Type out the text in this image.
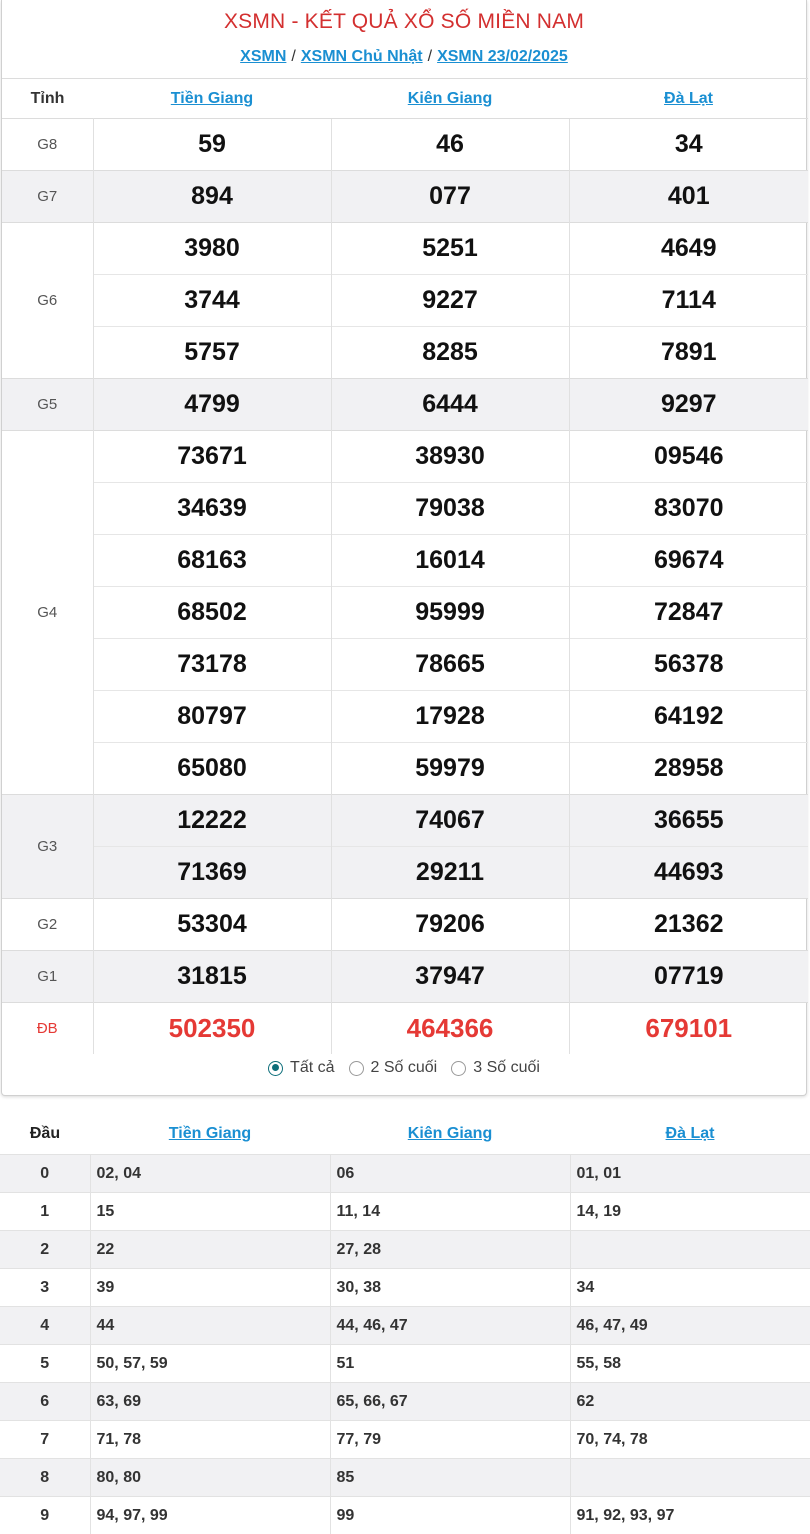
XSMN - KẾT QUẢ XỔ SỐ MIỀN NAM
XSMN / XSMN Chủ Nhật / XSMN 23/02/2025
Tỉnh	Tiền Giang	Kiên Giang	Đà Lạt
G8	59	46	34
G7	894	077	401
G6	3980	5251	4649
	3744	9227	7114
	5757	8285	7891
G5	4799	6444	9297
G4	73671	38930	09546
	34639	79038	83070
	68163	16014	69674
	68502	95999	72847
	73178	78665	56378
	80797	17928	64192
	65080	59979	28958
G3	12222	74067	36655
	71369	29211	44693
G2	53304	79206	21362
G1	31815	37947	07719
ĐB	502350	464366	679101
Tất cả 2 Số cuối 3 Số cuối
Đầu	Tiền Giang	Kiên Giang	Đà Lạt
0	02, 04	06	01, 01
1	15	11, 14	14, 19
2	22	27, 28	
3	39	30, 38	34
4	44	44, 46, 47	46, 47, 49
5	50, 57, 59	51	55, 58
6	63, 69	65, 66, 67	62
7	71, 78	77, 79	70, 74, 78
8	80, 80	85	
9	94, 97, 99	99	91, 92, 93, 97
